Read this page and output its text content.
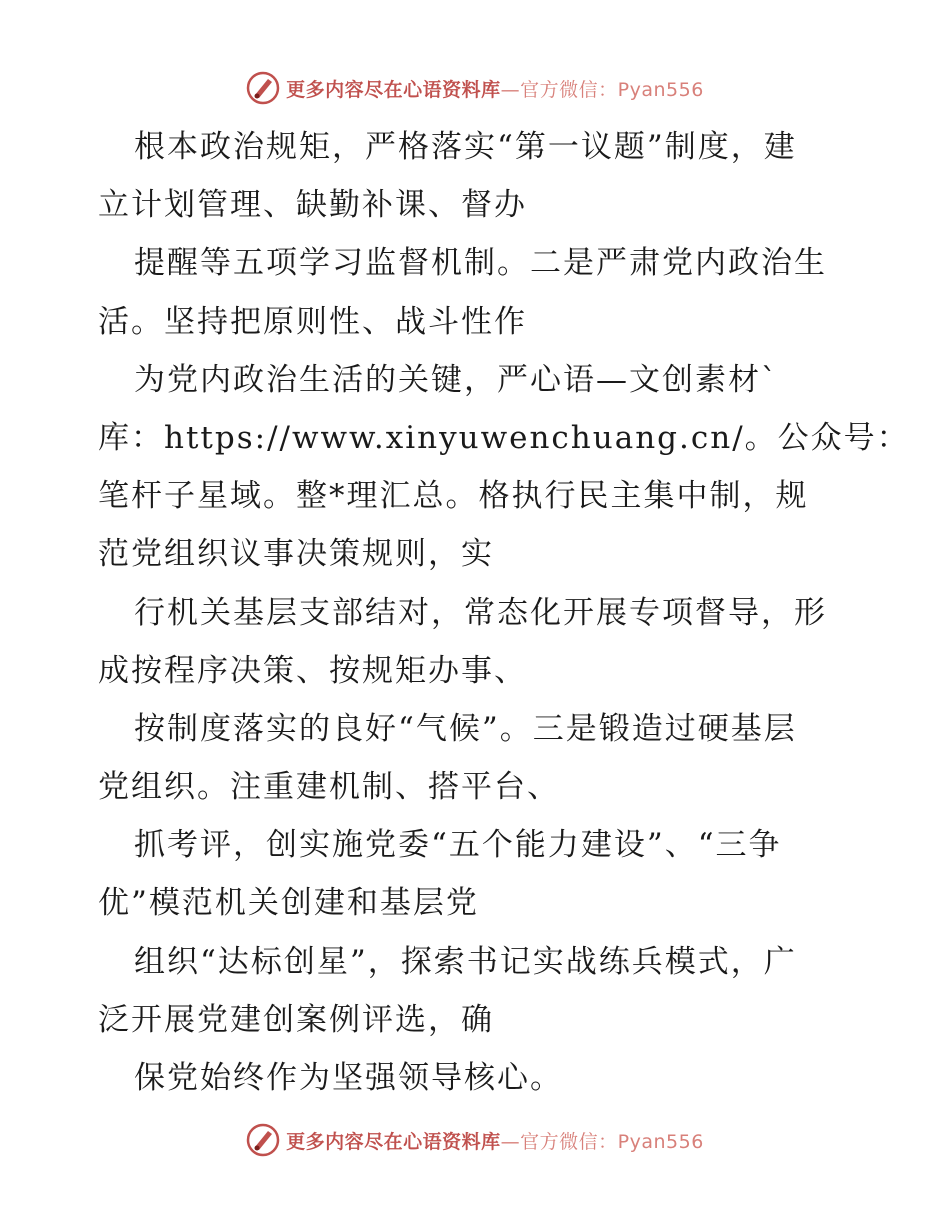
更多内容尽在心语资料库—官方微信：Pyan556
根本政治规矩，严格落实“第一议题”制度，建
立计划管理、缺勤补课、督办
提醒等五项学习监督机制。二是严肃党内政治生
活。坚持把原则性、战斗性作
为党内政治生活的关键，严心语—文创素材`
库：https://www.xinyuwenchuang.cn/。公众号：
笔杆子星域。整*理汇总。格执行民主集中制，规
范党组织议事决策规则，实
行机关基层支部结对，常态化开展专项督导，形
成按程序决策、按规矩办事、
按制度落实的良好“气候”。三是锻造过硬基层
党组织。注重建机制、搭平台、
抓考评，创实施党委“五个能力建设”、“三争
优”模范机关创建和基层党
组织“达标创星”，探索书记实战练兵模式，广
泛开展党建创案例评选，确
保党始终作为坚强领导核心。
更多内容尽在心语资料库—官方微信：Pyan556
